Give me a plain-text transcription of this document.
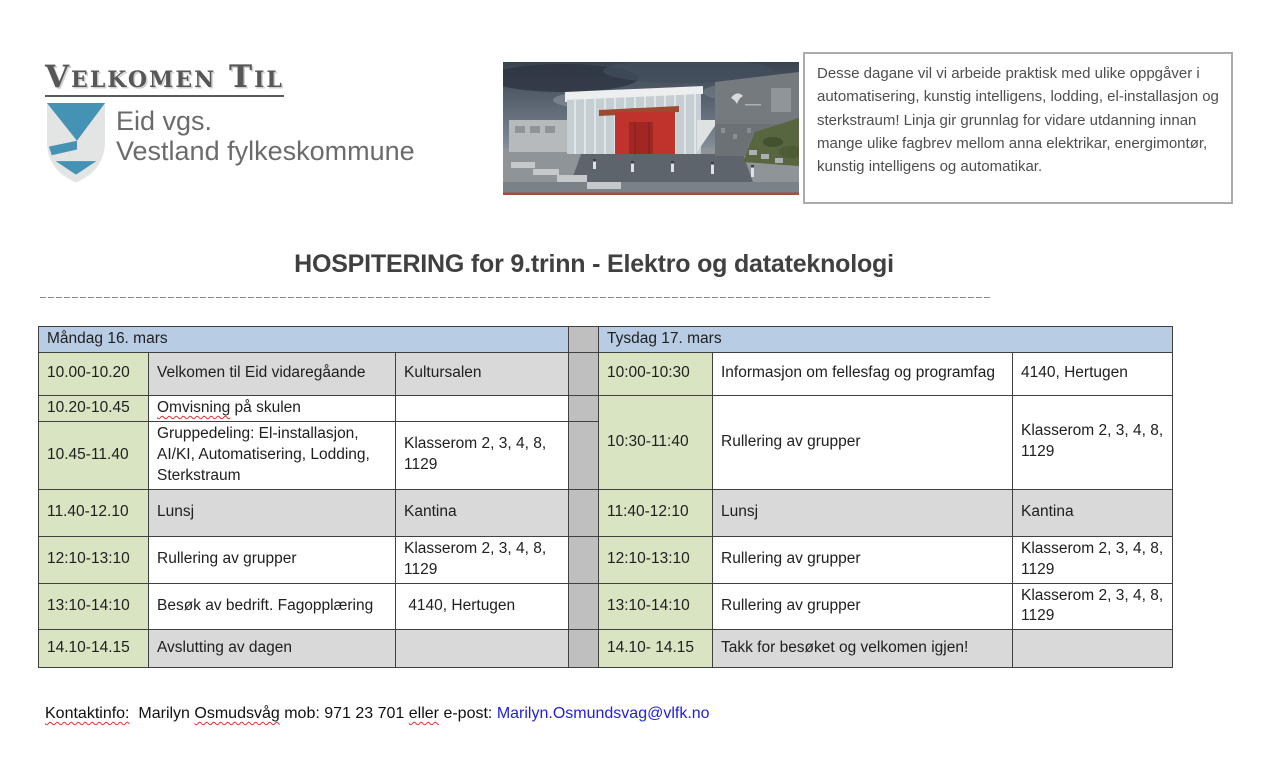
Velkomen Til
Eid vgs.
Vestland fylkeskommune

Desse dagane vil vi arbeide praktisk med ulike oppgåver i automatisering, kunstig intelligens, lodding, el-installasjon og sterkstraum! Linja gir grunnlag for vidare utdanning innan mange ulike fagbrev mellom anna elektrikar, energimontør, kunstig intelligens og automatikar.

HOSPITERING for 9.trinn - Elektro og datateknologi
Måndag 16. mars				Tysdag 17. mars		
10.00-10.20	Velkomen til Eid vidaregåande	Kultursalen		10:00-10:30	Informasjon om fellesfag og programfag	4140, Hertugen
10.20-10.45	Omvisning på skulen			10:30-11:40	Rullering av grupper	Klasserom 2, 3, 4, 8, 1129
10.45-11.40	Gruppedeling: El-installasjon, AI/KI, Automatisering, Lodding, Sterkstraum	Klasserom 2, 3, 4, 8, 1129				
11.40-12.10	Lunsj	Kantina		11:40-12:10	Lunsj	Kantina
12:10-13:10	Rullering av grupper	Klasserom 2, 3, 4, 8, 1129		12:10-13:10	Rullering av grupper	Klasserom 2, 3, 4, 8, 1129
13:10-14:10	Besøk av bedrift. Fagopplæring	4140, Hertugen		13:10-14:10	Rullering av grupper	Klasserom 2, 3, 4, 8, 1129
14.10-14.15	Avslutting av dagen			14.10- 14.15	Takk for besøket og velkomen igjen!	
Kontaktinfo:  Marilyn Osmudsvåg mob: 971 23 701 eller e-post: Marilyn.Osmundsvag@vlfk.no
